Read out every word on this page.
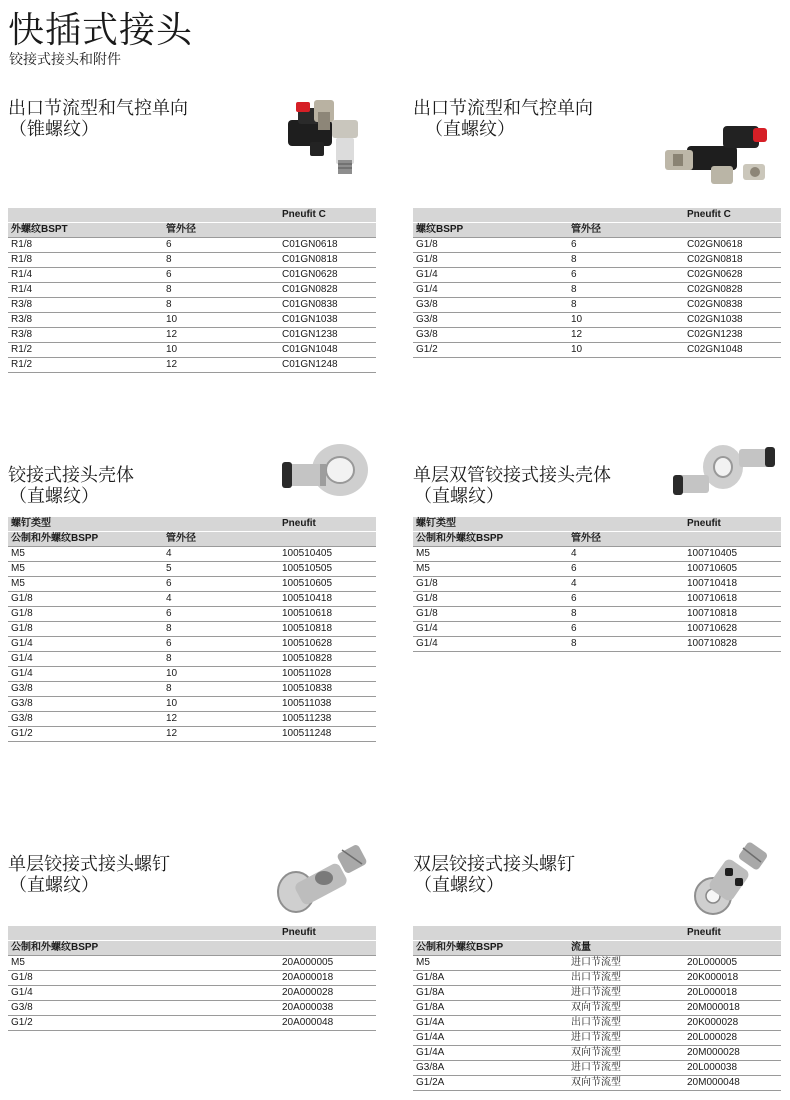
快插式接头

铰接式接头和附件

出口节流型和气控单向
（锥螺纹）
		Pneufit C
外螺纹BSPT	管外径	
R1/8	6	C01GN0618
R1/8	8	C01GN0818
R1/4	6	C01GN0628
R1/4	8	C01GN0828
R3/8	8	C01GN0838
R3/8	10	C01GN1038
R3/8	12	C01GN1238
R1/2	10	C01GN1048
R1/2	12	C01GN1248
出口节流型和气控单向
（直螺纹）
		Pneufit C
螺纹BSPP	管外径	
G1/8	6	C02GN0618
G1/8	8	C02GN0818
G1/4	6	C02GN0628
G1/4	8	C02GN0828
G3/8	8	C02GN0838
G3/8	10	C02GN1038
G3/8	12	C02GN1238
G1/2	10	C02GN1048
铰接式接头壳体
（直螺纹）
螺钉类型		Pneufit
公制和外螺纹BSPP	管外径	
M5	4	100510405
M5	5	100510505
M5	6	100510605
G1/8	4	100510418
G1/8	6	100510618
G1/8	8	100510818
G1/4	6	100510628
G1/4	8	100510828
G1/4	10	100511028
G3/8	8	100510838
G3/8	10	100511038
G3/8	12	100511238
G1/2	12	100511248
单层双管铰接式接头壳体
（直螺纹）
螺钉类型		Pneufit
公制和外螺纹BSPP	管外径	
M5	4	100710405
M5	6	100710605
G1/8	4	100710418
G1/8	6	100710618
G1/8	8	100710818
G1/4	6	100710628
G1/4	8	100710828
单层铰接式接头螺钉
（直螺纹）
		Pneufit
公制和外螺纹BSPP		
M5		20A000005
G1/8		20A000018
G1/4		20A000028
G3/8		20A000038
G1/2		20A000048
双层铰接式接头螺钉
（直螺纹）
		Pneufit
公制和外螺纹BSPP	流量	
M5	进口节流型	20L000005
G1/8A	出口节流型	20K000018
G1/8A	进口节流型	20L000018
G1/8A	双向节流型	20M000018
G1/4A	出口节流型	20K000028
G1/4A	进口节流型	20L000028
G1/4A	双向节流型	20M000028
G3/8A	进口节流型	20L000038
G1/2A	双向节流型	20M000048
